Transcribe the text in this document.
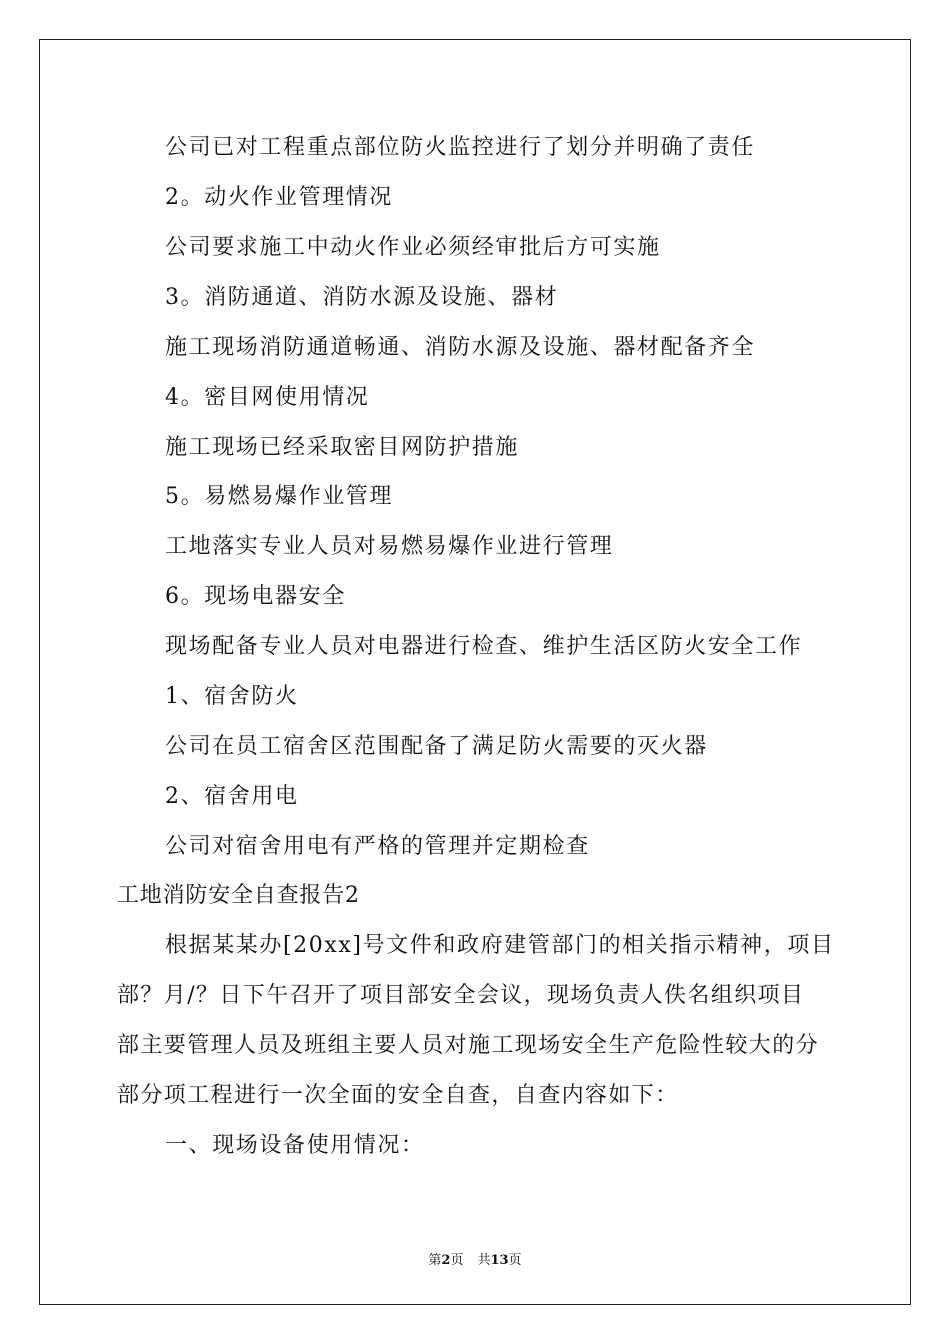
公司已对工程重点部位防火监控进行了划分并明确了责任
2。动火作业管理情况
公司要求施工中动火作业必须经审批后方可实施
3。消防通道、消防水源及设施、器材
施工现场消防通道畅通、消防水源及设施、器材配备齐全
4。密目网使用情况
施工现场已经采取密目网防护措施
5。易燃易爆作业管理
工地落实专业人员对易燃易爆作业进行管理
6。现场电器安全
现场配备专业人员对电器进行检查、维护生活区防火安全工作
1、宿舍防火
公司在员工宿舍区范围配备了满足防火需要的灭火器
2、宿舍用电
公司对宿舍用电有严格的管理并定期检查
工地消防安全自查报告2
根据某某办[20xx]号文件和政府建管部门的相关指示精神，项目
部？月/？日下午召开了项目部安全会议，现场负责人佚名组织项目
部主要管理人员及班组主要人员对施工现场安全生产危险性较大的分
部分项工程进行一次全面的安全自查，自查内容如下：
一、现场设备使用情况：
第2页 共13页
